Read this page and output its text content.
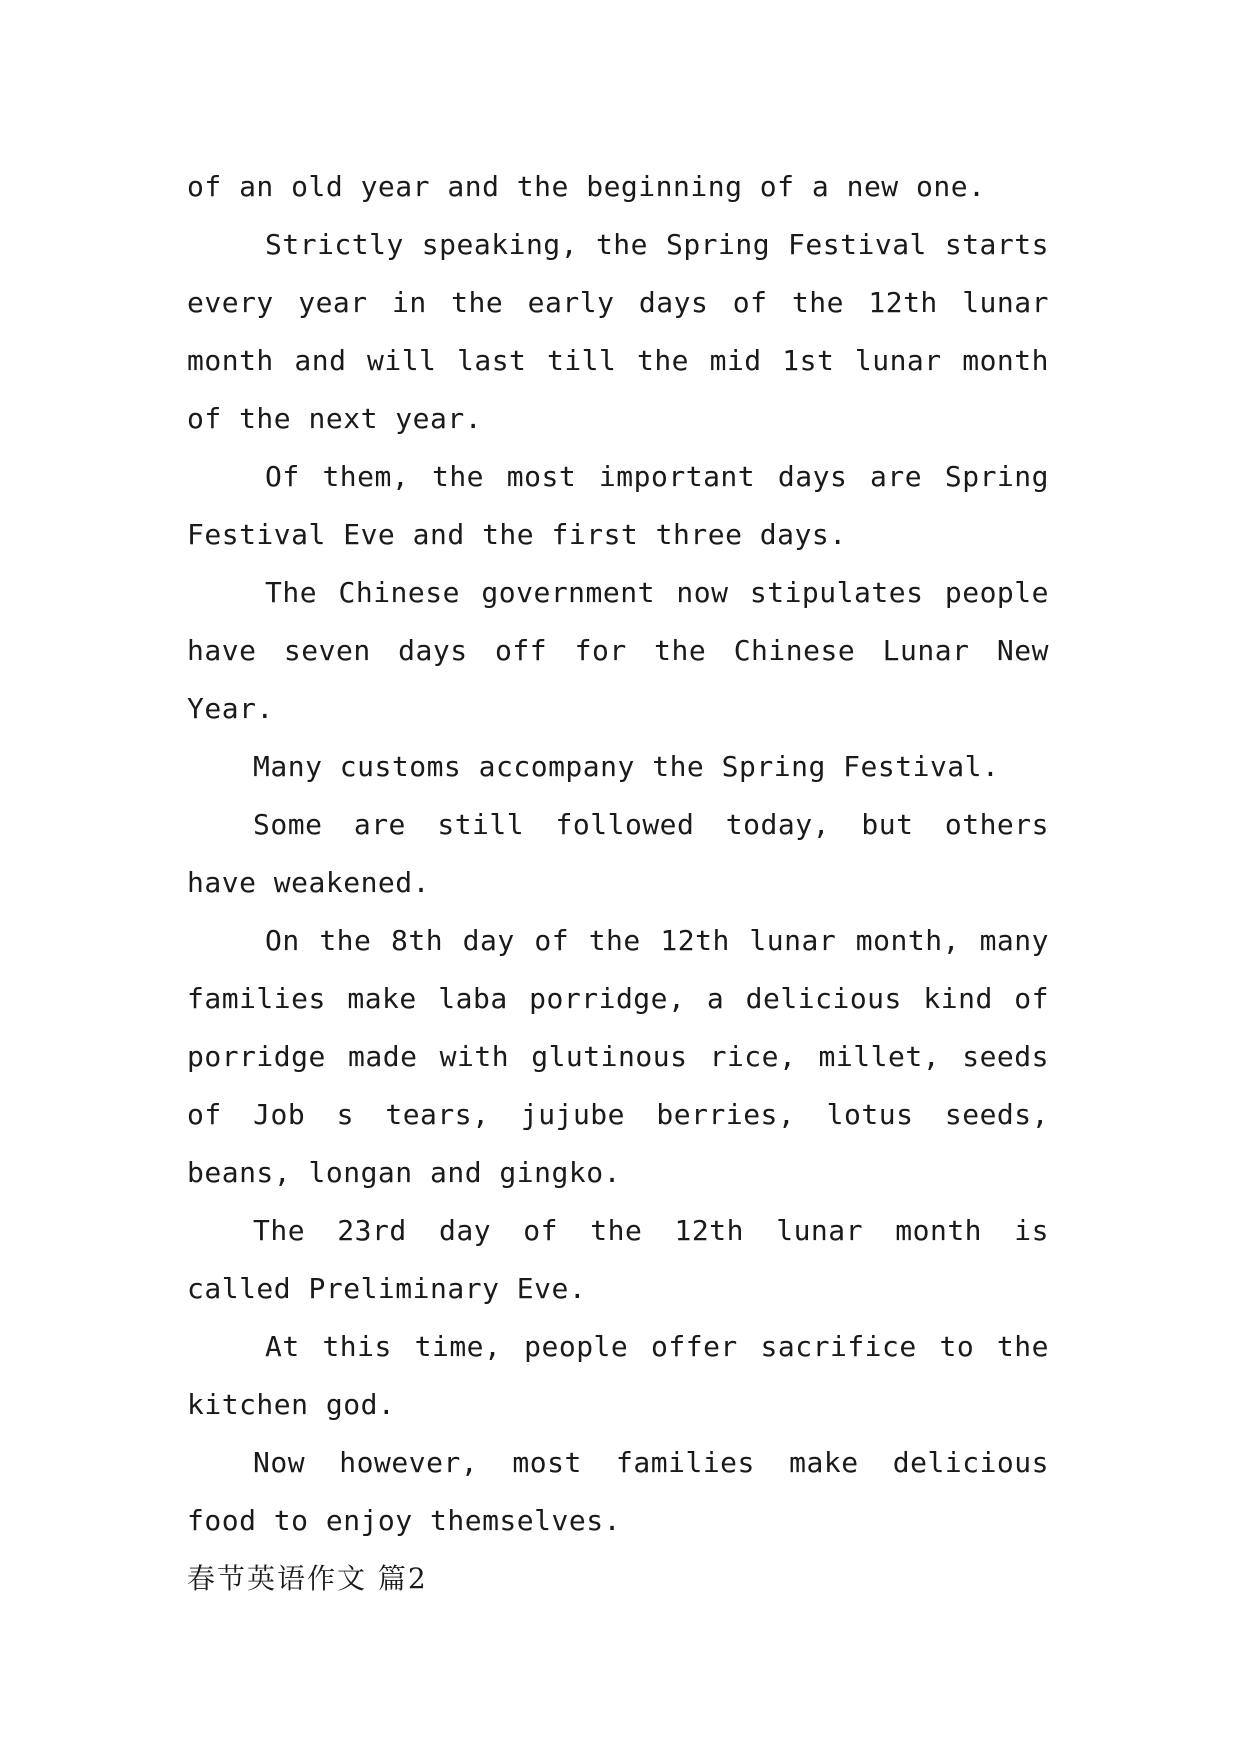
of an old year and the beginning of a new one.

Strictly speaking, the Spring Festival starts every year in the early days of the 12th lunar month and will last till the mid 1st lunar month of the next year.

Of them, the most important days are Spring Festival Eve and the first three days.

The Chinese government now stipulates people have seven days off for the Chinese Lunar New Year.

Many customs accompany the Spring Festival.

Some are still followed today, but others have weakened.

On the 8th day of the 12th lunar month, many families make laba porridge, a delicious kind of porridge made with glutinous rice, millet, seeds of Job s tears, jujube berries, lotus seeds, beans, longan and gingko.

The 23rd day of the 12th lunar month is called Preliminary Eve.

At this time, people offer sacrifice to the kitchen god.

Now however, most families make delicious food to enjoy themselves.

春节英语作文 篇2
